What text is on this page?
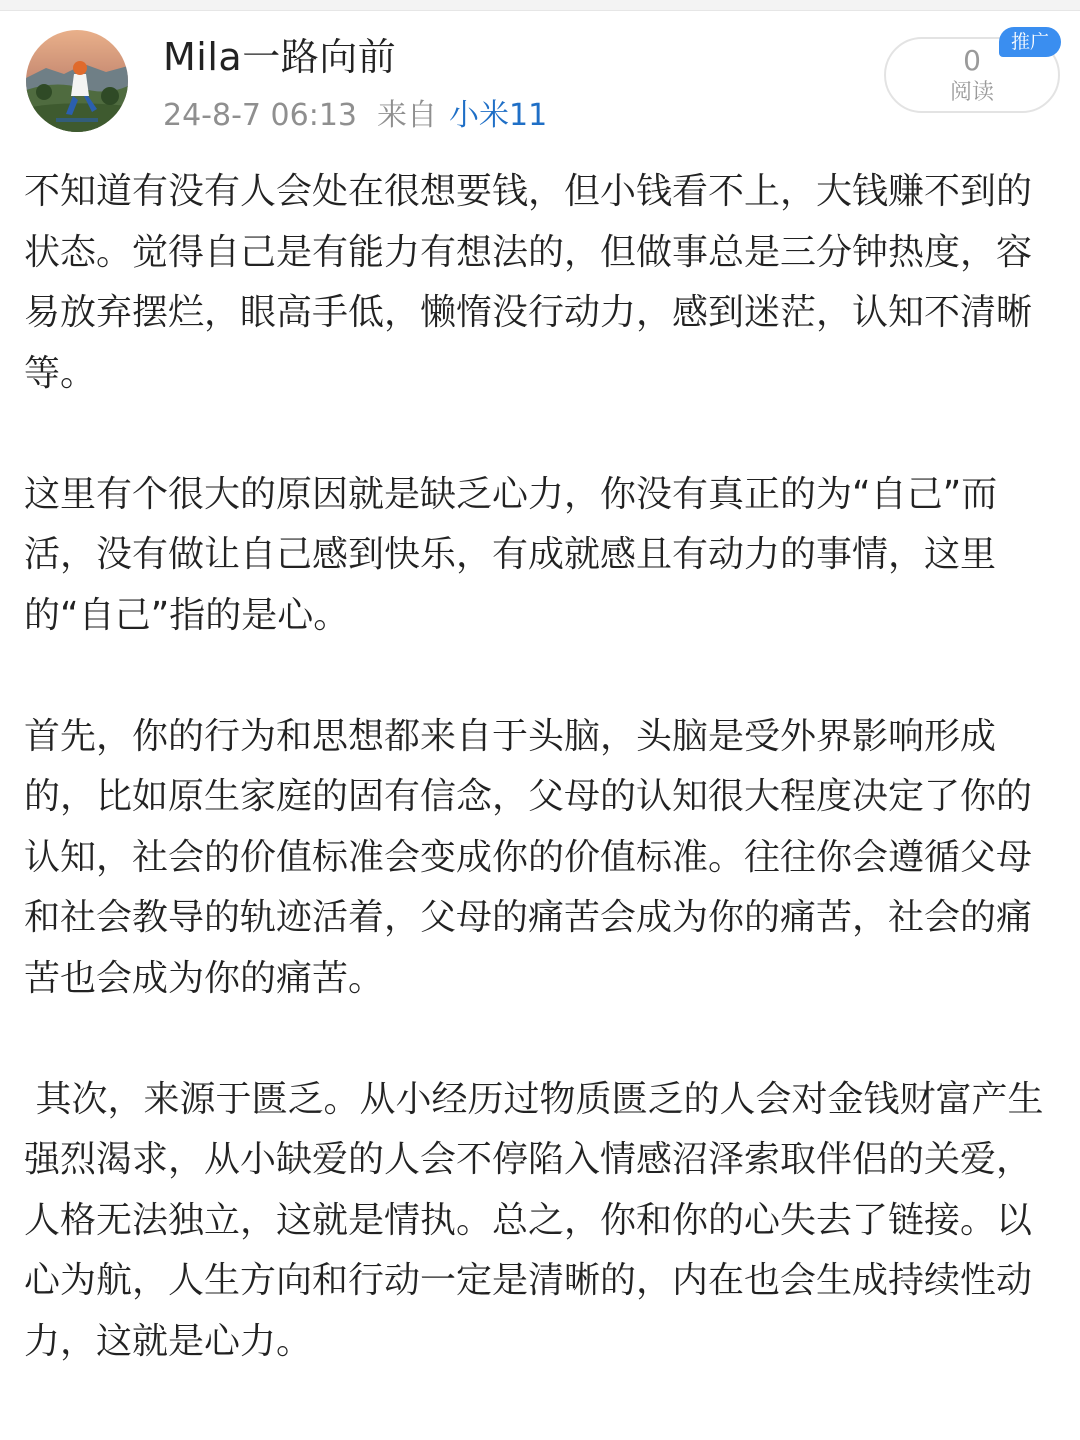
Mila一路向前
24-8-7 06:13 来自 小米11
0
阅读
推广

不知道有没有人会处在很想要钱，但小钱看不上，大钱赚不到的状态。觉得自己是有能力有想法的，但做事总是三分钟热度，容易放弃摆烂，眼高手低，懒惰没行动力，感到迷茫，认知不清晰等。

这里有个很大的原因就是缺乏心力，你没有真正的为“自己”而活，没有做让自己感到快乐，有成就感且有动力的事情，这里的“自己”指的是心。

首先，你的行为和思想都来自于头脑，头脑是受外界影响形成的，比如原生家庭的固有信念，父母的认知很大程度决定了你的认知，社会的价值标准会变成你的价值标准。往往你会遵循父母和社会教导的轨迹活着，父母的痛苦会成为你的痛苦，社会的痛苦也会成为你的痛苦。

其次，来源于匮乏。从小经历过物质匮乏的人会对金钱财富产生强烈渴求，从小缺爱的人会不停陷入情感沼泽索取伴侣的关爱，人格无法独立，这就是情执。总之，你和你的心失去了链接。以心为航，人生方向和行动一定是清晰的，内在也会生成持续性动力，这就是心力。
